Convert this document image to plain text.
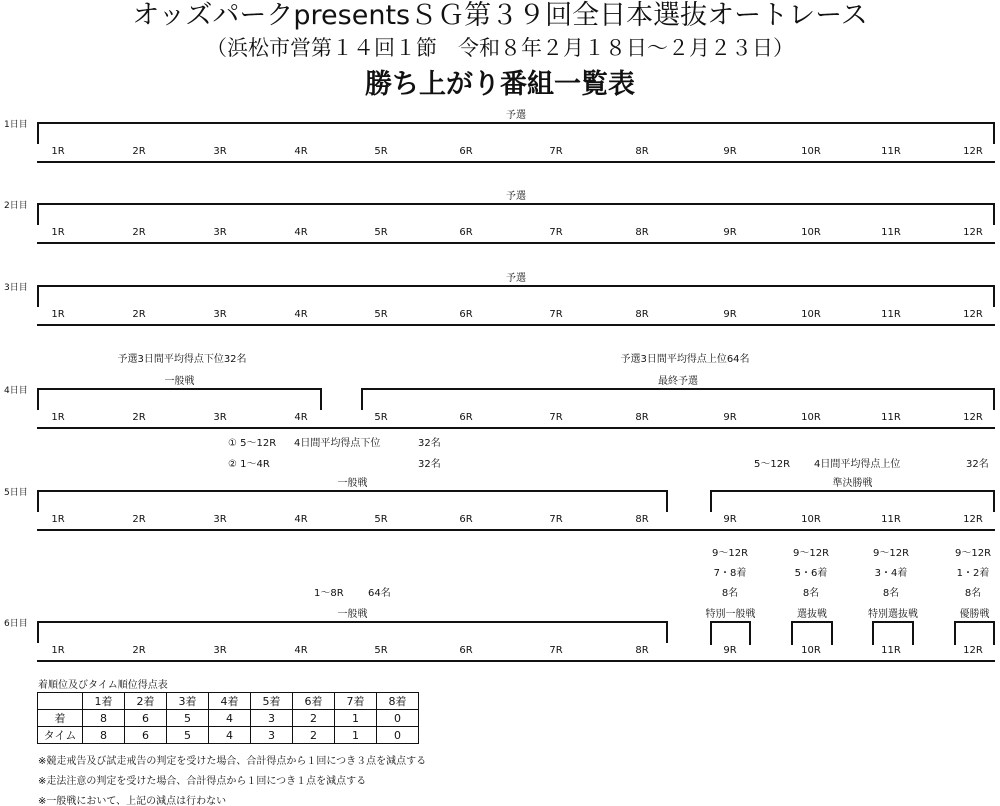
オッズパークpresentsＳＧ第３９回全日本選抜オートレース
（浜松市営第１４回１節　令和８年２月１８日～２月２３日）
勝ち上がり番組一覧表
1日目
予選
1R	2R	3R	4R	5R	6R	7R	8R	9R	10R	11R	12R
2日目
予選
1R	2R	3R	4R	5R	6R	7R	8R	9R	10R	11R	12R
3日目
予選
1R	2R	3R	4R	5R	6R	7R	8R	9R	10R	11R	12R
4日目
一般戦	最終予選
1R	2R	3R	4R	5R	6R	7R	8R	9R	10R	11R	12R
5日目
一般戦	準決勝戦
1R	2R	3R	4R	5R	6R	7R	8R	9R	10R	11R	12R
6日目
一般戦	特別一般戦	選抜戦	特別選抜戦	優勝戦
1R	2R	3R	4R	5R	6R	7R	8R	9R	10R	11R	12R
9～12R
7・8着
8名
9～12R
5・6着
8名
9～12R
3・4着
8名
9～12R
1・2着
8名
予選3日間平均得点下位32名	予選3日間平均得点上位64名
① 5～12R 4日間平均得点下位	32名
② 1～4R	32名	5～12R 4日間平均得点上位	32名
1～8R 64名
着順位及びタイム順位得点表
	1着	2着	3着	4着	5着	6着	7着	8着
着	8	6	5	4	3	2	1	0
タイム	8	6	5	4	3	2	1	0
※競走戒告及び試走戒告の判定を受けた場合、合計得点から１回につき３点を減点する
※走法注意の判定を受けた場合、合計得点から１回につき１点を減点する
※一般戦において、上記の減点は行わない
